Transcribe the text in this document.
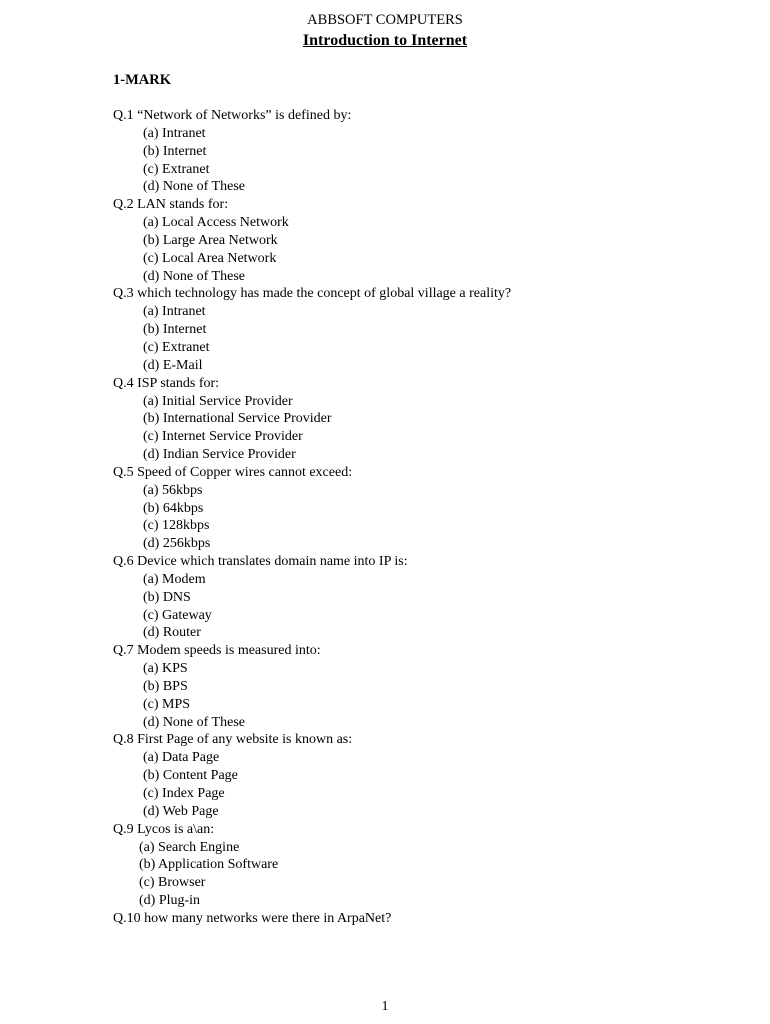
ABBSOFT COMPUTERS
Introduction to Internet
1-MARK
Q.1 “Network of Networks” is defined by:
(a) Intranet
(b) Internet
(c) Extranet
(d) None of These
Q.2 LAN stands for:
(a) Local Access Network
(b) Large Area Network
(c) Local Area Network
(d) None of These
Q.3 which technology has made the concept of global village a reality?
(a) Intranet
(b) Internet
(c) Extranet
(d) E-Mail
Q.4 ISP stands for:
(a) Initial Service Provider
(b) International Service Provider
(c) Internet Service Provider
(d) Indian Service Provider
Q.5 Speed of Copper wires cannot exceed:
(a) 56kbps
(b) 64kbps
(c) 128kbps
(d) 256kbps
Q.6 Device which translates domain name into IP is:
(a) Modem
(b) DNS
(c) Gateway
(d) Router
Q.7 Modem speeds is measured into:
(a) KPS
(b) BPS
(c) MPS
(d) None of These
Q.8 First Page of any website is known as:
(a) Data Page
(b) Content Page
(c) Index Page
(d) Web Page
Q.9 Lycos is a\an:
(a) Search Engine
(b) Application Software
(c) Browser
(d) Plug-in
Q.10 how many networks were there in ArpaNet?
1
